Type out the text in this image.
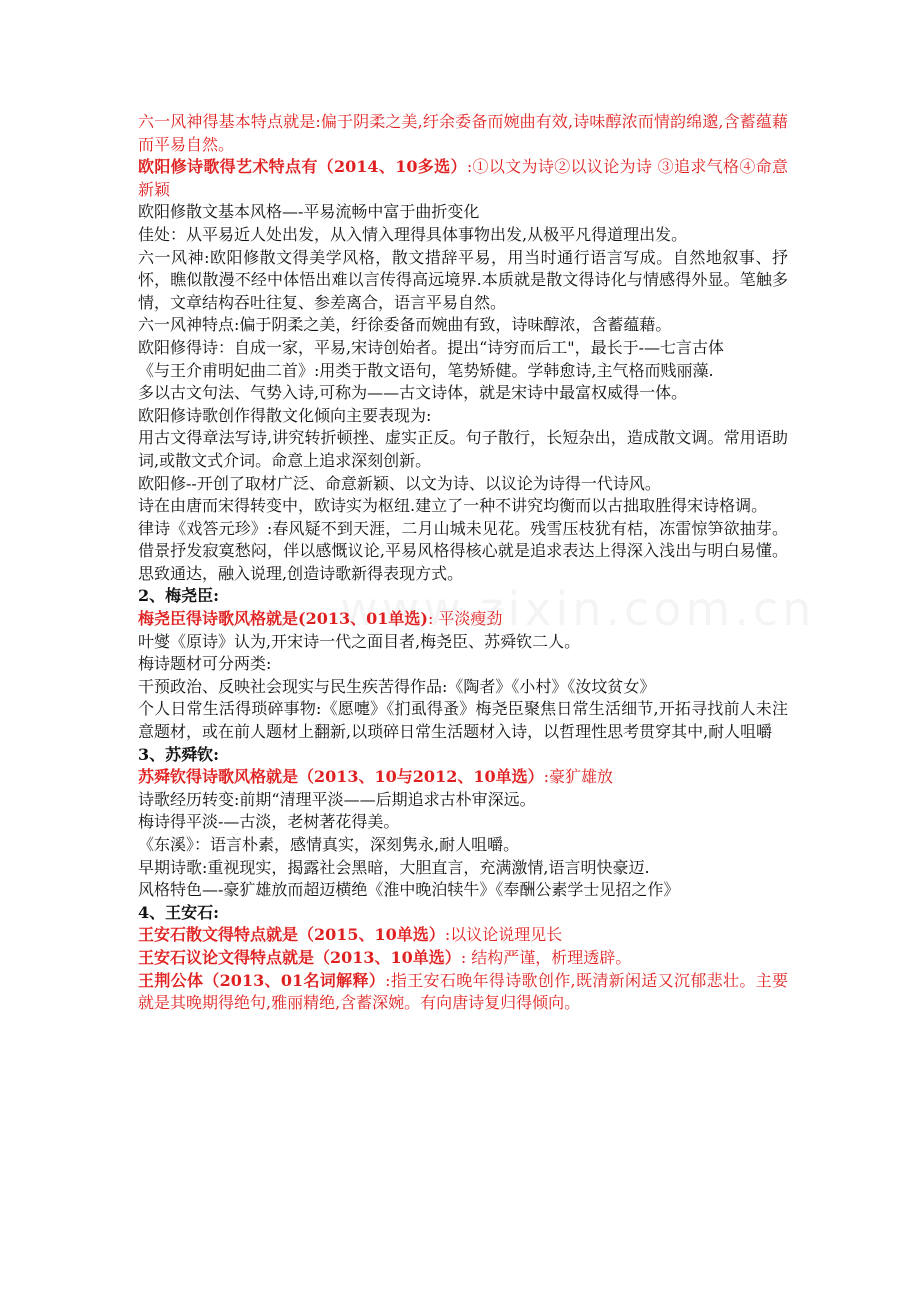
六一风神得基本特点就是:偏于阴柔之美,纡余委备而婉曲有效,诗味醇浓而情韵绵邈,含蓄蕴藉而平易自然。

欧阳修诗歌得艺术特点有（2014、10多选）:①以文为诗②以议论为诗 ③追求气格④命意新颖

欧阳修散文基本风格—-平易流畅中富于曲折变化

佳处：从平易近人处出发，从入情入理得具体事物出发,从极平凡得道理出发。

六一风神:欧阳修散文得美学风格，散文措辞平易，用当时通行语言写成。自然地叙事、抒怀，瞧似散漫不经中体悟出难以言传得高远境界.本质就是散文得诗化与情感得外显。笔触多情，文章结构吞吐往复、参差离合，语言平易自然。

六一风神特点:偏于阴柔之美，纡徐委备而婉曲有致，诗味醇浓，含蓄蕴藉。

欧阳修得诗：自成一家，平易,宋诗创始者。提出“诗穷而后工"，最长于-—七言古体

《与王介甫明妃曲二首》:用类于散文语句，笔势矫健。学韩愈诗,主气格而贱丽藻.

多以古文句法、气势入诗,可称为——古文诗体，就是宋诗中最富权威得一体。

欧阳修诗歌创作得散文化倾向主要表现为:

用古文得章法写诗,讲究转折顿挫、虚实正反。句子散行，长短杂出，造成散文调。常用语助词,或散文式介词。命意上追求深刻创新。

欧阳修--开创了取材广泛、命意新颖、以文为诗、以议论为诗得一代诗风。

诗在由唐而宋得转变中，欧诗实为枢纽.建立了一种不讲究均衡而以古拙取胜得宋诗格调。

律诗《戏答元珍》:春风疑不到天涯，二月山城未见花。残雪压枝犹有桔，冻雷惊笋欲抽芽。借景抒发寂寞愁闷，伴以感慨议论,平易风格得核心就是追求表达上得深入浅出与明白易懂。思致通达，融入说理,创造诗歌新得表现方式。

2、梅尧臣:

梅尧臣得诗歌风格就是(2013、01单选): 平淡瘦劲

叶燮《原诗》认为,开宋诗一代之面目者,梅尧臣、苏舜钦二人。

梅诗题材可分两类:

干预政治、反映社会现实与民生疾苦得作品:《陶者》《小村》《汝坟贫女》

个人日常生活得琐碎事物:《愿嚏》《扪虱得蚤》梅尧臣聚焦日常生活细节,开拓寻找前人未注意题材，或在前人题材上翻新,以琐碎日常生活题材入诗，以哲理性思考贯穿其中,耐人咀嚼

3、苏舜钦:

苏舜钦得诗歌风格就是（2013、10与2012、10单选）:豪犷雄放

诗歌经历转变:前期“清理平淡——后期追求古朴审深远。

梅诗得平淡-—古淡，老树著花得美。

《东溪》：语言朴素，感情真实，深刻隽永,耐人咀嚼。

早期诗歌:重视现实，揭露社会黑暗，大胆直言，充满激情,语言明快豪迈.

风格特色—-豪犷雄放而超迈横绝《淮中晚泊犊牛》《奉酬公素学士见招之作》

4、王安石:

王安石散文得特点就是（2015、10单选）:以议论说理见长

王安石议论文得特点就是（2013、10单选）: 结构严谨，析理透辟。

王荆公体（2013、01名词解释）:指王安石晚年得诗歌创作,既清新闲适又沉郁悲壮。主要就是其晚期得绝句,雅丽精绝,含蓄深婉。有向唐诗复归得倾向。
